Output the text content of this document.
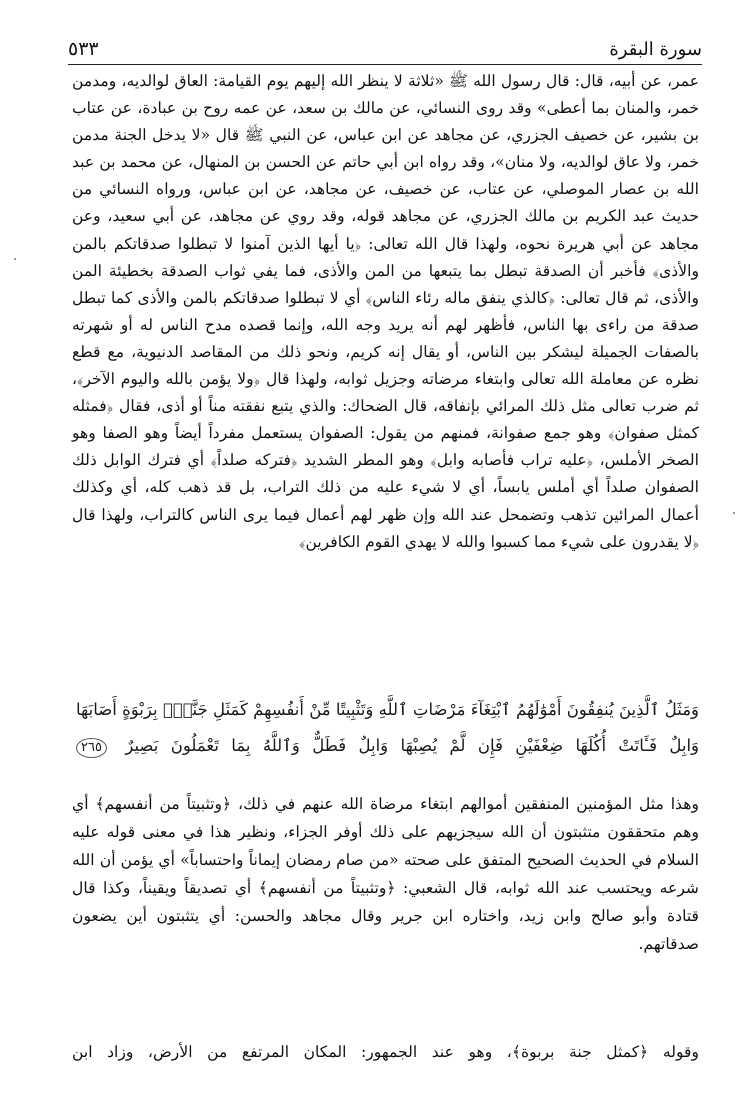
٥٣٣	سورة البقرة

عمر، عن أبيه، قال: قال رسول الله ﷺ «ثلاثة لا ينظر الله إليهم يوم القيامة: العاق لوالديه، ومدمن خمر، والمنان بما أعطى» وقد روى النسائي، عن مالك بن سعد، عن عمه روح بن عبادة، عن عتاب بن بشير، عن خصيف الجزري، عن مجاهد عن ابن عباس، عن النبي ﷺ قال «لا يدخل الجنة مدمن خمر، ولا عاق لوالديه، ولا منان»، وقد رواه ابن أبي حاتم عن الحسن بن المنهال، عن محمد بن عبد الله بن عصار الموصلي، عن عتاب، عن خصيف، عن مجاهد، عن ابن عباس، ورواه النسائي من حديث عبد الكريم بن مالك الجزري، عن مجاهد قوله، وقد روي عن مجاهد، عن أبي سعيد، وعن مجاهد عن أبي هريرة نحوه، ولهذا قال الله تعالى: ﴿يا أيها الذين آمنوا لا تبطلوا صدقاتكم بالمن والأذى﴾ فأخبر أن الصدقة تبطل بما يتبعها من المن والأذى، فما يفي ثواب الصدقة بخطيئة المن والأذى، ثم قال تعالى: ﴿كالذي ينفق ماله رئاء الناس﴾ أي لا تبطلوا صدقاتكم بالمن والأذى كما تبطل صدقة من راءى بها الناس، فأظهر لهم أنه يريد وجه الله، وإنما قصده مدح الناس له أو شهرته بالصفات الجميلة ليشكر بين الناس، أو يقال إنه كريم، ونحو ذلك من المقاصد الدنيوية، مع قطع نظره عن معاملة الله تعالى وابتغاء مرضاته وجزيل ثوابه، ولهذا قال ﴿ولا يؤمن بالله واليوم الآخر﴾، ثم ضرب تعالى مثل ذلك المرائي بإنفاقه، قال الضحاك: والذي يتبع نفقته مناً أو أذى، فقال ﴿فمثله كمثل صفوان﴾ وهو جمع صفوانة، فمنهم من يقول: الصفوان يستعمل مفرداً أيضاً وهو الصفا وهو الصخر الأملس، ﴿عليه تراب فأصابه وابل﴾ وهو المطر الشديد ﴿فتركه صلداً﴾ أي فترك الوابل ذلك الصفوان صلداً أي أملس يابساً، أي لا شيء عليه من ذلك التراب، بل قد ذهب كله، أي وكذلك أعمال المرائين تذهب وتضمحل عند الله وإن ظهر لهم أعمال فيما يرى الناس كالتراب، ولهذا قال ﴿لا يقدرون على شيء مما كسبوا والله لا يهدي القوم الكافرين﴾

وَمَثَلُ ٱلَّذِينَ يُنفِقُونَ أَمْوَٰلَهُمُ ٱبْتِغَآءَ مَرْضَاتِ ٱللَّهِ وَتَثْبِيتًا مِّنْ أَنفُسِهِمْ كَمَثَلِ جَنَّةٍۭ بِرَبْوَةٍ أَصَابَهَا وَابِلٌ فَـَٔاتَتْ أُكُلَهَا ضِعْفَيْنِ فَإِن لَّمْ يُصِبْهَا وَابِلٌ فَطَلٌّ وَٱللَّهُ بِمَا تَعْمَلُونَ بَصِيرٌ ٢٦٥

وهذا مثل المؤمنين المنفقين أموالهم ابتغاء مرضاة الله عنهم في ذلك، ﴿وتثبيتاً من أنفسهم﴾ أي وهم متحققون متثبتون أن الله سيجزيهم على ذلك أوفر الجزاء، ونظير هذا في معنى قوله عليه السلام في الحديث الصحيح المتفق على صحته «من صام رمضان إيماناً واحتساباً» أي يؤمن أن الله شرعه ويحتسب عند الله ثوابه، قال الشعبي: ﴿وتثبيتاً من أنفسهم﴾ أي تصديقاً ويقيناً، وكذا قال قتادة وأبو صالح وابن زيد، واختاره ابن جرير وقال مجاهد والحسن: أي يتثبتون أين يضعون صدقاتهم.

وقوله ﴿كمثل جنة بربوة﴾، وهو عند الجمهور: المكان المرتفع من الأرض، وزاد ابن
